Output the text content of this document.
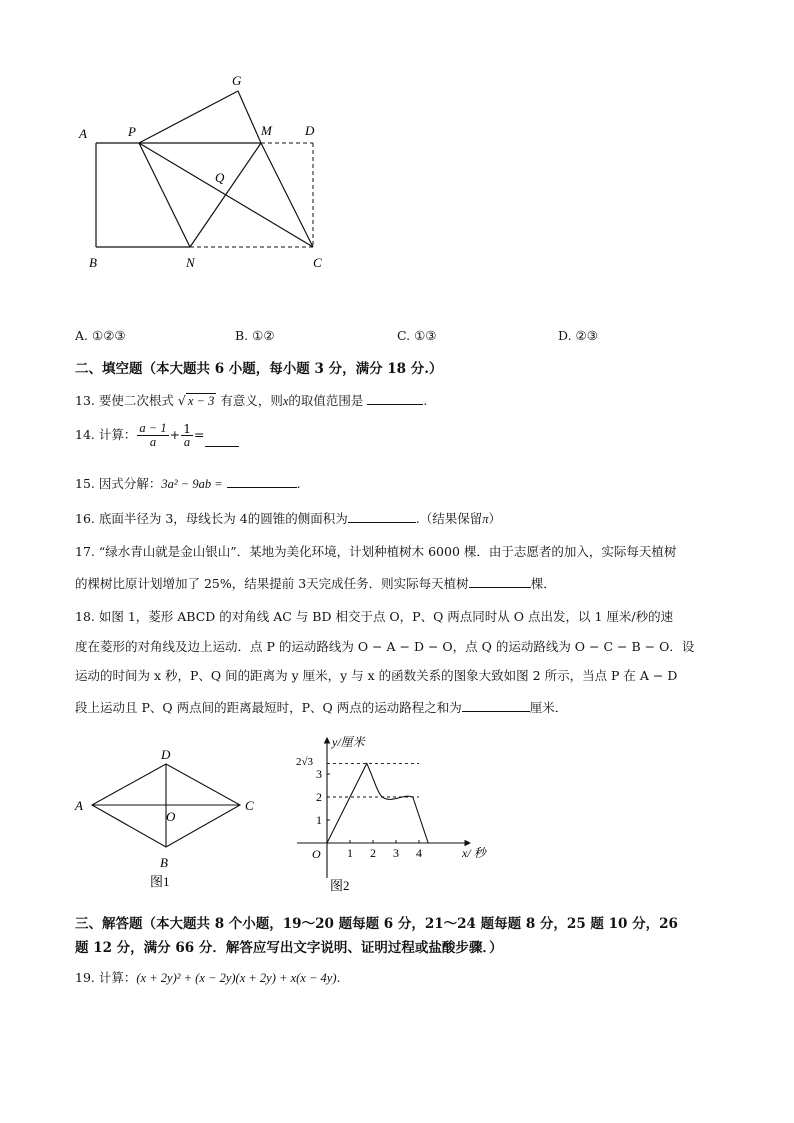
A	P
G
M	D
Q
B	N	C
A. ①②③	B. ①②	C. ①③	D. ②③
二、填空题（本大题共 6 小题，每小题 3 分，满分 18 分.）
13. 要使二次根式 √ x − 3 有意义，则x的取值范围是	.
14.
计算： $\frac{a - 1}{a} + \frac{1}{a}$ =
15. 因式分解：3a² − 9ab =	.
16. 底面半径为 3，母线长为 4的圆锥的侧面积为	.（结果保留π）
17. “绿水青山就是金山银山”．某地为美化环境，计划种植树木 6000 棵．由于志愿者的加入，实际每天植树
的棵树比原计划增加了 25%，结果提前 3天完成任务．则实际每天植树	棵．
18. 如图 1，菱形 ABCD 的对角线 AC 与 BD 相交于点 O，P、Q 两点同时从 O 点出发，以 1 厘米/秒的速
度在菱形的对角线及边上运动．点 P 的运动路线为 O − A − D − O，点 Q 的运动路线为 O − C − B − O．设
运动的时间为 x 秒，P、Q 间的距离为 y 厘米，y 与 x 的函数关系的图象大致如图 2 所示，当点 P 在 A − D
段上运动且 P、Q 两点间的距离最短时，P、Q 两点的运动路程之和为	厘米．
A
D
C
O
B
图1
1 2 3 4
1
2
3
y/厘米
x/ 秒
O
2√3
图2
三、解答题（本大题共 8 个小题，19～20 题每题 6 分，21～24 题每题 8 分，25 题 10 分，26
题 12 分，满分 66 分．解答应写出文字说明、证明过程或盐酸步骤．）
19. 计算：(x + 2y)² + (x − 2y)(x + 2y) + x(x − 4y).
